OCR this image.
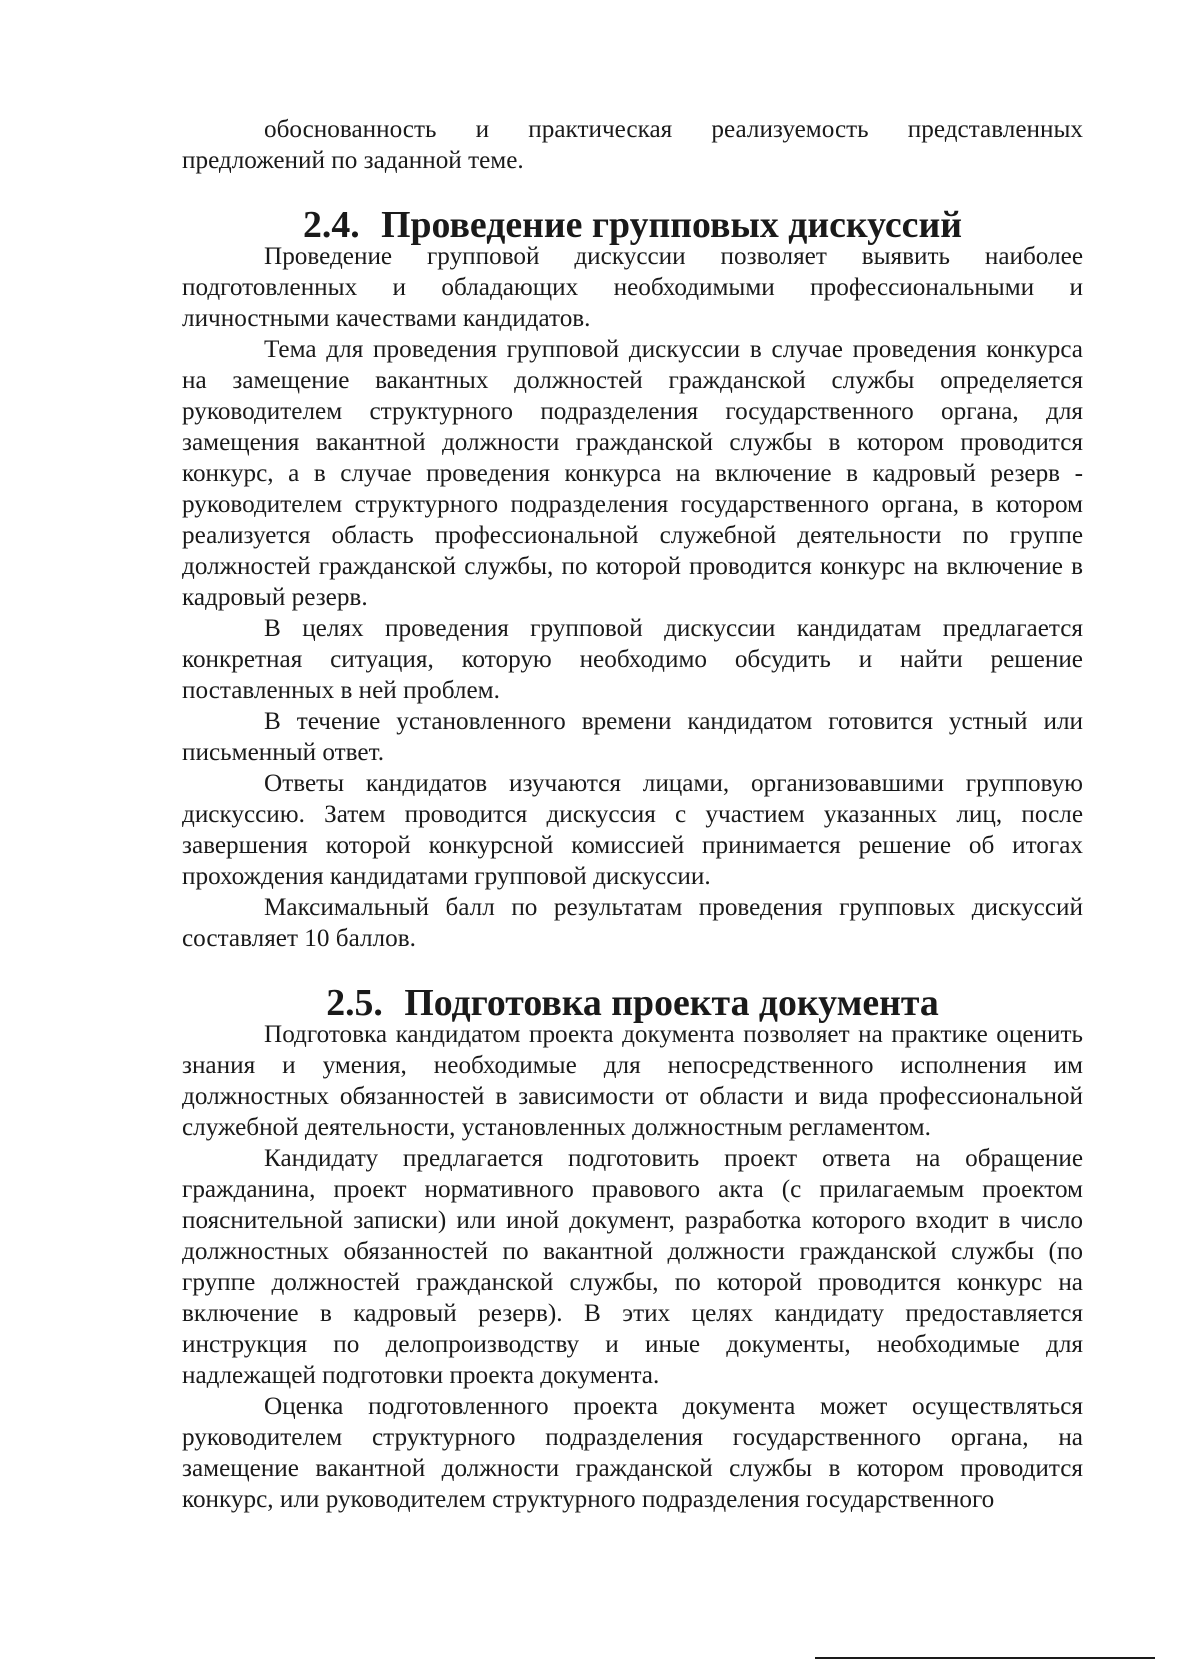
обоснованность и практическая реализуемость представленных предложений по заданной теме.

2.4. Проведение групповых дискуссий

Проведение групповой дискуссии позволяет выявить наиболее подготовленных и обладающих необходимыми профессиональными и личностными качествами кандидатов.

Тема для проведения групповой дискуссии в случае проведения конкурса на замещение вакантных должностей гражданской службы определяется руководителем структурного подразделения государственного органа, для замещения вакантной должности гражданской службы в котором проводится конкурс, а в случае проведения конкурса на включение в кадровый резерв - руководителем структурного подразделения государственного органа, в котором реализуется область профессиональной служебной деятельности по группе должностей гражданской службы, по которой проводится конкурс на включение в кадровый резерв.

В целях проведения групповой дискуссии кандидатам предлагается конкретная ситуация, которую необходимо обсудить и найти решение поставленных в ней проблем.

В течение установленного времени кандидатом готовится устный или письменный ответ.

Ответы кандидатов изучаются лицами, организовавшими групповую дискуссию. Затем проводится дискуссия с участием указанных лиц, после завершения которой конкурсной комиссией принимается решение об итогах прохождения кандидатами групповой дискуссии.

Максимальный балл по результатам проведения групповых дискуссий составляет 10 баллов.

2.5. Подготовка проекта документа

Подготовка кандидатом проекта документа позволяет на практике оценить знания и умения, необходимые для непосредственного исполнения им должностных обязанностей в зависимости от области и вида профессиональной служебной деятельности, установленных должностным регламентом.

Кандидату предлагается подготовить проект ответа на обращение гражданина, проект нормативного правового акта (с прилагаемым проектом пояснительной записки) или иной документ, разработка которого входит в число должностных обязанностей по вакантной должности гражданской службы (по группе должностей гражданской службы, по которой проводится конкурс на включение в кадровый резерв). В этих целях кандидату предоставляется инструкция по делопроизводству и иные документы, необходимые для надлежащей подготовки проекта документа.

Оценка подготовленного проекта документа может осуществляться руководителем структурного подразделения государственного органа, на замещение вакантной должности гражданской службы в котором проводится конкурс, или руководителем структурного подразделения государственного
